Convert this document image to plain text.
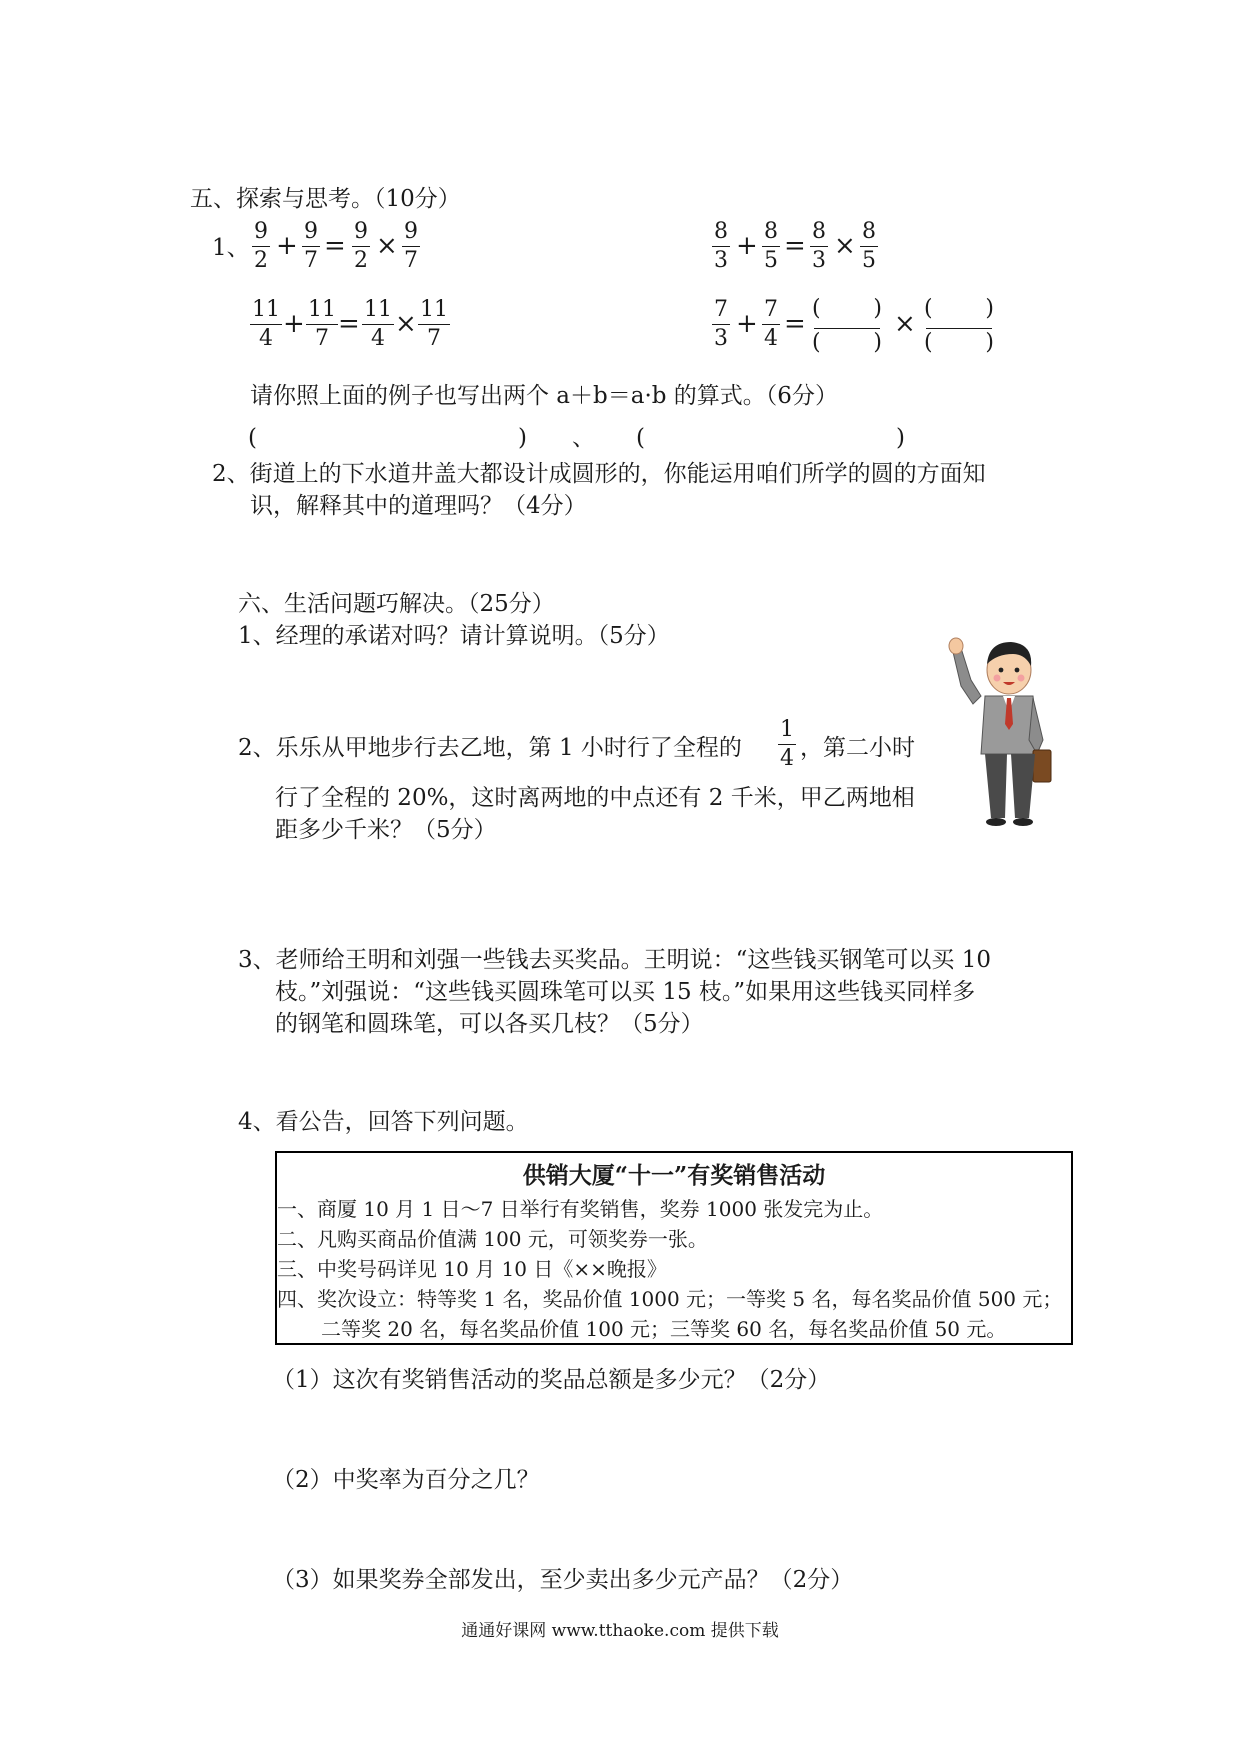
五、探索与思考。（10分）
1、
9
2 + 9
7 = 9
2 × 9
7
8
3 + 8
5 = 8
3 × 8
5
11
4 + 11
7 = 11
4 × 11
7
7
3 + 7
4 =
( )
( )
×
( )
( )
请你照上面的例子也写出两个 a＋b＝a·b 的算式。（6分）
(	) 、 (	)
2、街道上的下水道井盖大都设计成圆形的，你能运用咱们所学的圆的方面知
识，解释其中的道理吗？（4分）
六、生活问题巧解决。（25分）
1、经理的承诺对吗？请计算说明。（5分）
2、乐乐从甲地步行去乙地，第 1 小时行了全程的
1
4 ，第二小时
行了全程的 20%，这时离两地的中点还有 2 千米，甲乙两地相
距多少千米？（5分）
3、老师给王明和刘强一些钱去买奖品。王明说：“这些钱买钢笔可以买 10
枝。”刘强说：“这些钱买圆珠笔可以买 15 枝。”如果用这些钱买同样多
的钢笔和圆珠笔，可以各买几枝？（5分）
4、看公告，回答下列问题。
供销大厦“十一”有奖销售活动
一、商厦 10 月 1 日～7 日举行有奖销售，奖券 1000 张发完为止。
二、凡购买商品价值满 100 元，可领奖券一张。
三、中奖号码详见 10 月 10 日《××晚报》
四、奖次设立：特等奖 1 名，奖品价值 1000 元；一等奖 5 名，每名奖品价值 500 元；
二等奖 20 名，每名奖品价值 100 元；三等奖 60 名，每名奖品价值 50 元。
（1）这次有奖销售活动的奖品总额是多少元？（2分）
（2）中奖率为百分之几？
（3）如果奖券全部发出，至少卖出多少元产品？（2分）
通通好课网 www.tthaoke.com 提供下载
